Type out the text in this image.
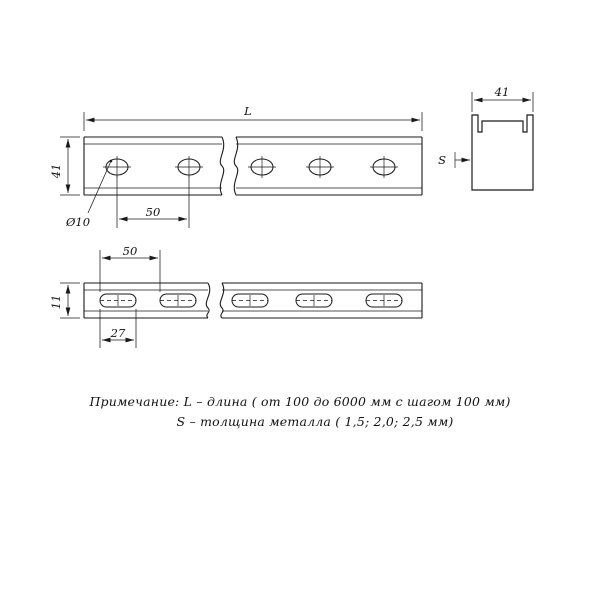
L
41
Ø10
50
41
S
50
11
27
Примечание: L – длина ( от 100 до 6000 мм с шагом 100 мм)
S – толщина металла ( 1,5; 2,0; 2,5 мм)
